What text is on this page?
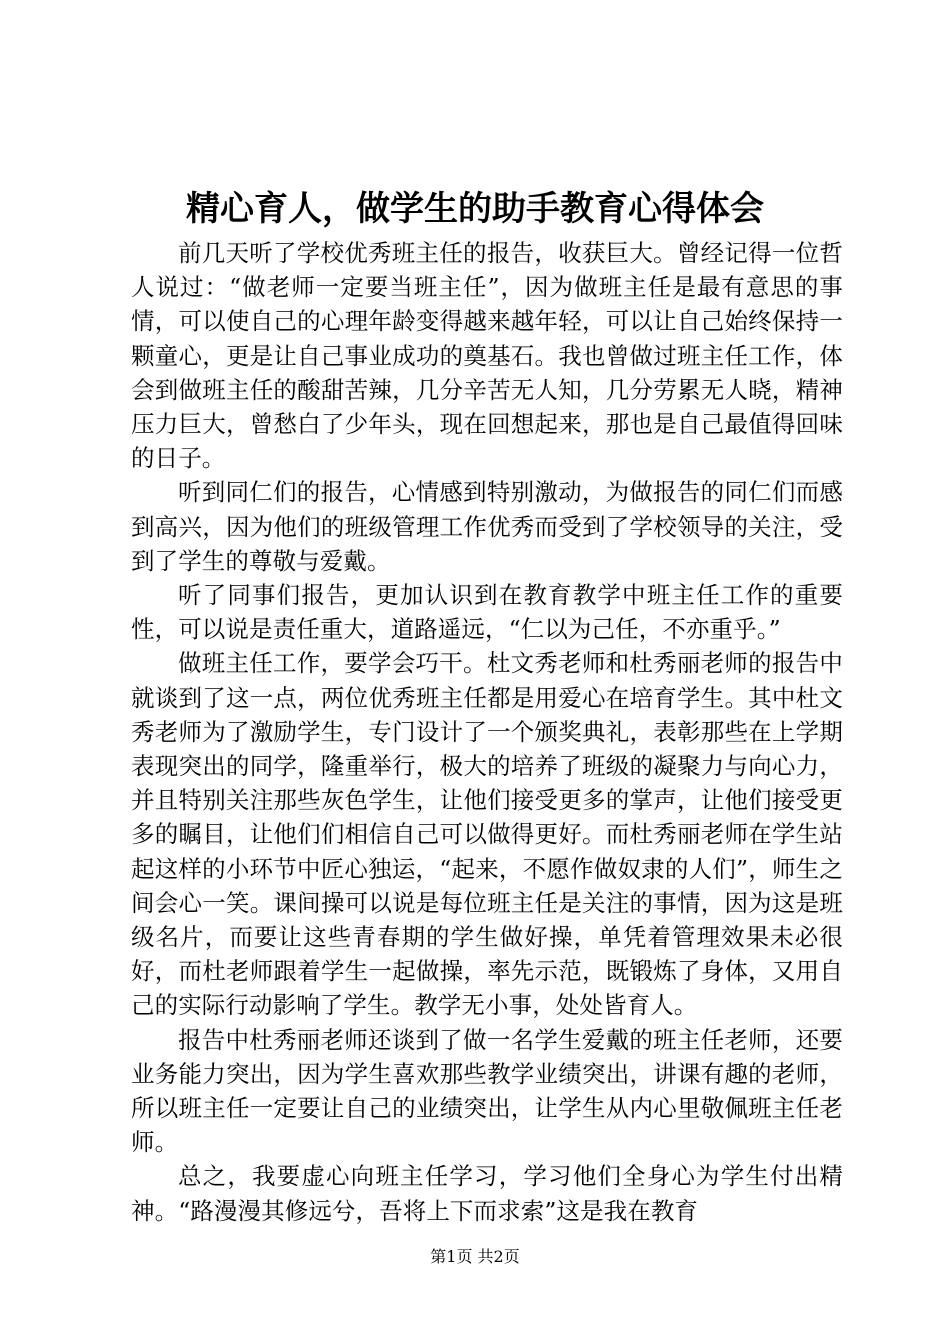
精心育人，做学生的助手教育心得体会

前几天听了学校优秀班主任的报告，收获巨大。曾经记得一位哲人说过：“做老师一定要当班主任”，因为做班主任是最有意思的事情，可以使自己的心理年龄变得越来越年轻，可以让自己始终保持一颗童心，更是让自己事业成功的奠基石。我也曾做过班主任工作，体会到做班主任的酸甜苦辣，几分辛苦无人知，几分劳累无人晓，精神压力巨大，曾愁白了少年头，现在回想起来，那也是自己最值得回味的日子。

听到同仁们的报告，心情感到特别激动，为做报告的同仁们而感到高兴，因为他们的班级管理工作优秀而受到了学校领导的关注，受到了学生的尊敬与爱戴。

听了同事们报告，更加认识到在教育教学中班主任工作的重要性，可以说是责任重大，道路遥远，“仁以为己任，不亦重乎。”

做班主任工作，要学会巧干。杜文秀老师和杜秀丽老师的报告中就谈到了这一点，两位优秀班主任都是用爱心在培育学生。其中杜文秀老师为了激励学生，专门设计了一个颁奖典礼，表彰那些在上学期表现突出的同学，隆重举行，极大的培养了班级的凝聚力与向心力，并且特别关注那些灰色学生，让他们接受更多的掌声，让他们接受更多的瞩目，让他们们相信自己可以做得更好。而杜秀丽老师在学生站起这样的小环节中匠心独运，“起来，不愿作做奴隶的人们”，师生之间会心一笑。课间操可以说是每位班主任是关注的事情，因为这是班级名片，而要让这些青春期的学生做好操，单凭着管理效果未必很好，而杜老师跟着学生一起做操，率先示范，既锻炼了身体，又用自己的实际行动影响了学生。教学无小事，处处皆育人。

报告中杜秀丽老师还谈到了做一名学生爱戴的班主任老师，还要业务能力突出，因为学生喜欢那些教学业绩突出，讲课有趣的老师，所以班主任一定要让自己的业绩突出，让学生从内心里敬佩班主任老师。

总之，我要虚心向班主任学习，学习他们全身心为学生付出精神。“路漫漫其修远兮，吾将上下而求索”这是我在教育

第1页 共2页
